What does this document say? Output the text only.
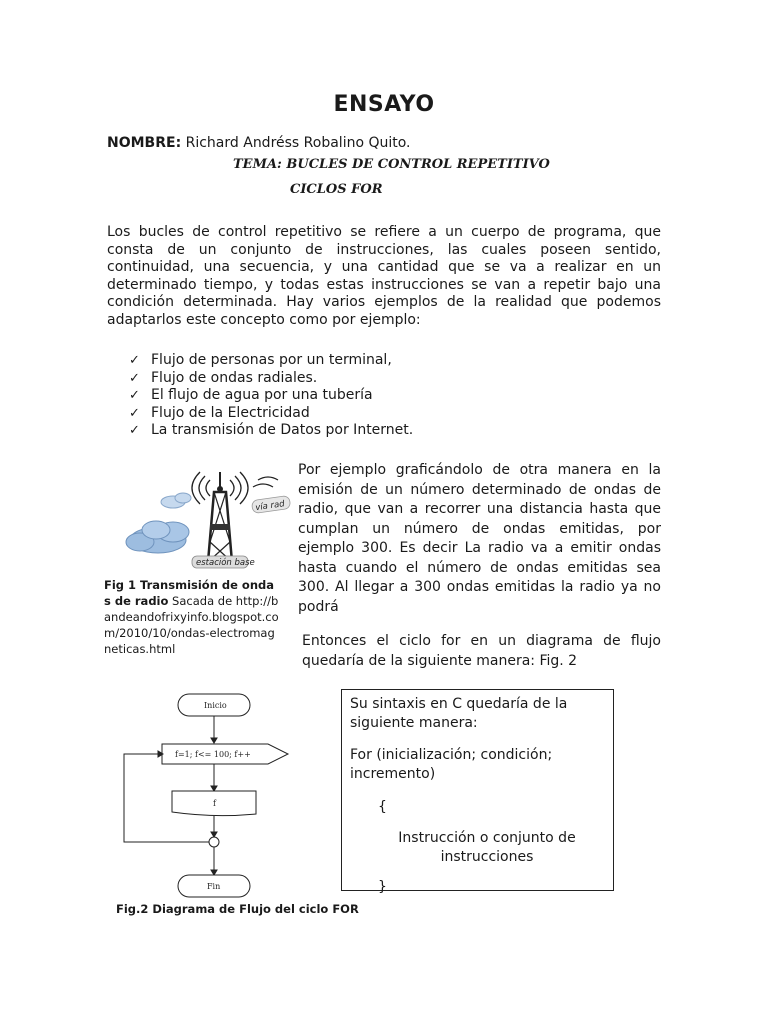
ENSAYO
NOMBRE: Richard Andréss Robalino Quito.
TEMA: BUCLES DE CONTROL REPETITIVO
CICLOS FOR
Los bucles de control repetitivo se refiere a un cuerpo de programa, que consta de un conjunto de instrucciones, las cuales poseen sentido, continuidad, una secuencia, y una cantidad que se va a realizar en un determinado tiempo, y todas estas instrucciones se van a repetir bajo una condición determinada. Hay varios ejemplos de la realidad que podemos adaptarlos este concepto como por ejemplo:
✓ Flujo de personas por un terminal,
✓ Flujo de ondas radiales.
✓ El flujo de agua por una tubería
✓ Flujo de la Electricidad
✓ La transmisión de Datos por Internet.
vía rad
estación base
Fig 1 Transmisión de ondas de radio Sacada de http://bandeandofrixyinfo.blogspot.com/2010/10/ondas-electromagneticas.html
Por ejemplo graficándolo de otra manera en la emisión de un número determinado de ondas de radio, que van a recorrer una distancia hasta que cumplan un número de ondas emitidas, por ejemplo 300. Es decir La radio va a emitir ondas hasta cuando el número de ondas emitidas sea 300. Al llegar a 300 ondas emitidas la radio ya no podrá
Entonces el ciclo for en un diagrama de flujo quedaría de la siguiente manera: Fig. 2
Inicio
f=1; f<= 100; f++
f
Fin
Fig.2 Diagrama de Flujo del ciclo FOR
Su sintaxis en C quedaría de la siguiente manera:
For (inicialización; condición; incremento)
{
Instrucción o conjunto de instrucciones
}
